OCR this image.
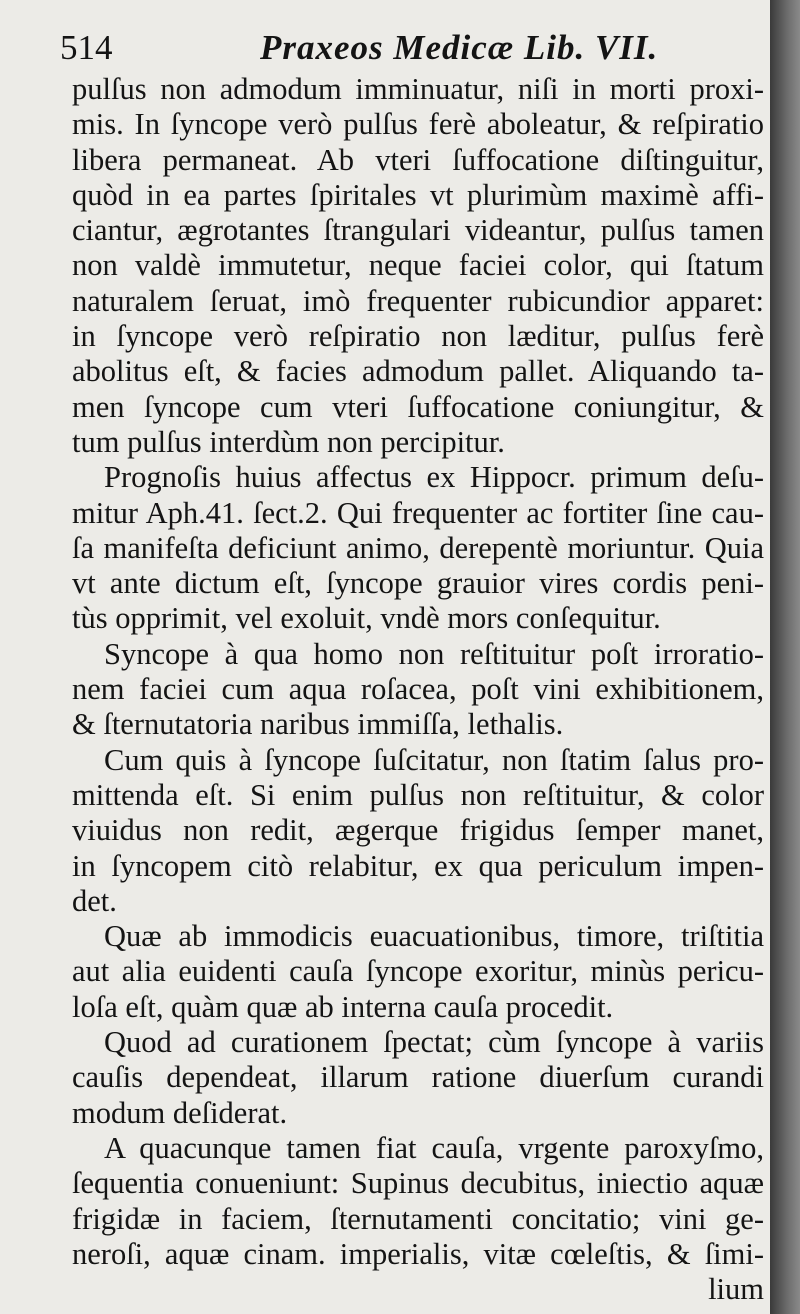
514	Praxeos Medicæ Lib. VII.
pulſus non admodum imminuatur, niſi in morti proxi-
mis. In ſyncope verò pulſus ferè aboleatur, & reſpiratio
libera permaneat. Ab vteri ſuffocatione diſtinguitur,
quòd in ea partes ſpiritales vt plurimùm maximè affi-
ciantur, ægrotantes ſtrangulari videantur, pulſus tamen
non valdè immutetur, neque faciei color, qui ſtatum
naturalem ſeruat, imò frequenter rubicundior apparet:
in ſyncope verò reſpiratio non læditur, pulſus ferè
abolitus eſt, & facies admodum pallet. Aliquando ta-
men ſyncope cum vteri ſuffocatione coniungitur, &
tum pulſus interdùm non percipitur.
Prognoſis huius affectus ex Hippocr. primum deſu-
mitur Aph.41. ſect.2. Qui frequenter ac fortiter ſine cau-
ſa manifeſta deficiunt animo, derepentè moriuntur. Quia
vt ante dictum eſt, ſyncope grauior vires cordis peni-
tùs opprimit, vel exoluit, vndè mors conſequitur.
Syncope à qua homo non reſtituitur poſt irroratio-
nem faciei cum aqua roſacea, poſt vini exhibitionem,
& ſternutatoria naribus immiſſa, lethalis.
Cum quis à ſyncope ſuſcitatur, non ſtatim ſalus pro-
mittenda eſt. Si enim pulſus non reſtituitur, & color
viuidus non redit, ægerque frigidus ſemper manet,
in ſyncopem citò relabitur, ex qua periculum impen-
det.
Quæ ab immodicis euacuationibus, timore, triſtitia
aut alia euidenti cauſa ſyncope exoritur, minùs pericu-
loſa eſt, quàm quæ ab interna cauſa procedit.
Quod ad curationem ſpectat; cùm ſyncope à variis
cauſis dependeat, illarum ratione diuerſum curandi
modum deſiderat.
A quacunque tamen fiat cauſa, vrgente paroxyſmo,
ſequentia conueniunt: Supinus decubitus, iniectio aquæ
frigidæ in faciem, ſternutamenti concitatio; vini ge-
neroſi, aquæ cinam. imperialis, vitæ cœleſtis, & ſimi-
lium
